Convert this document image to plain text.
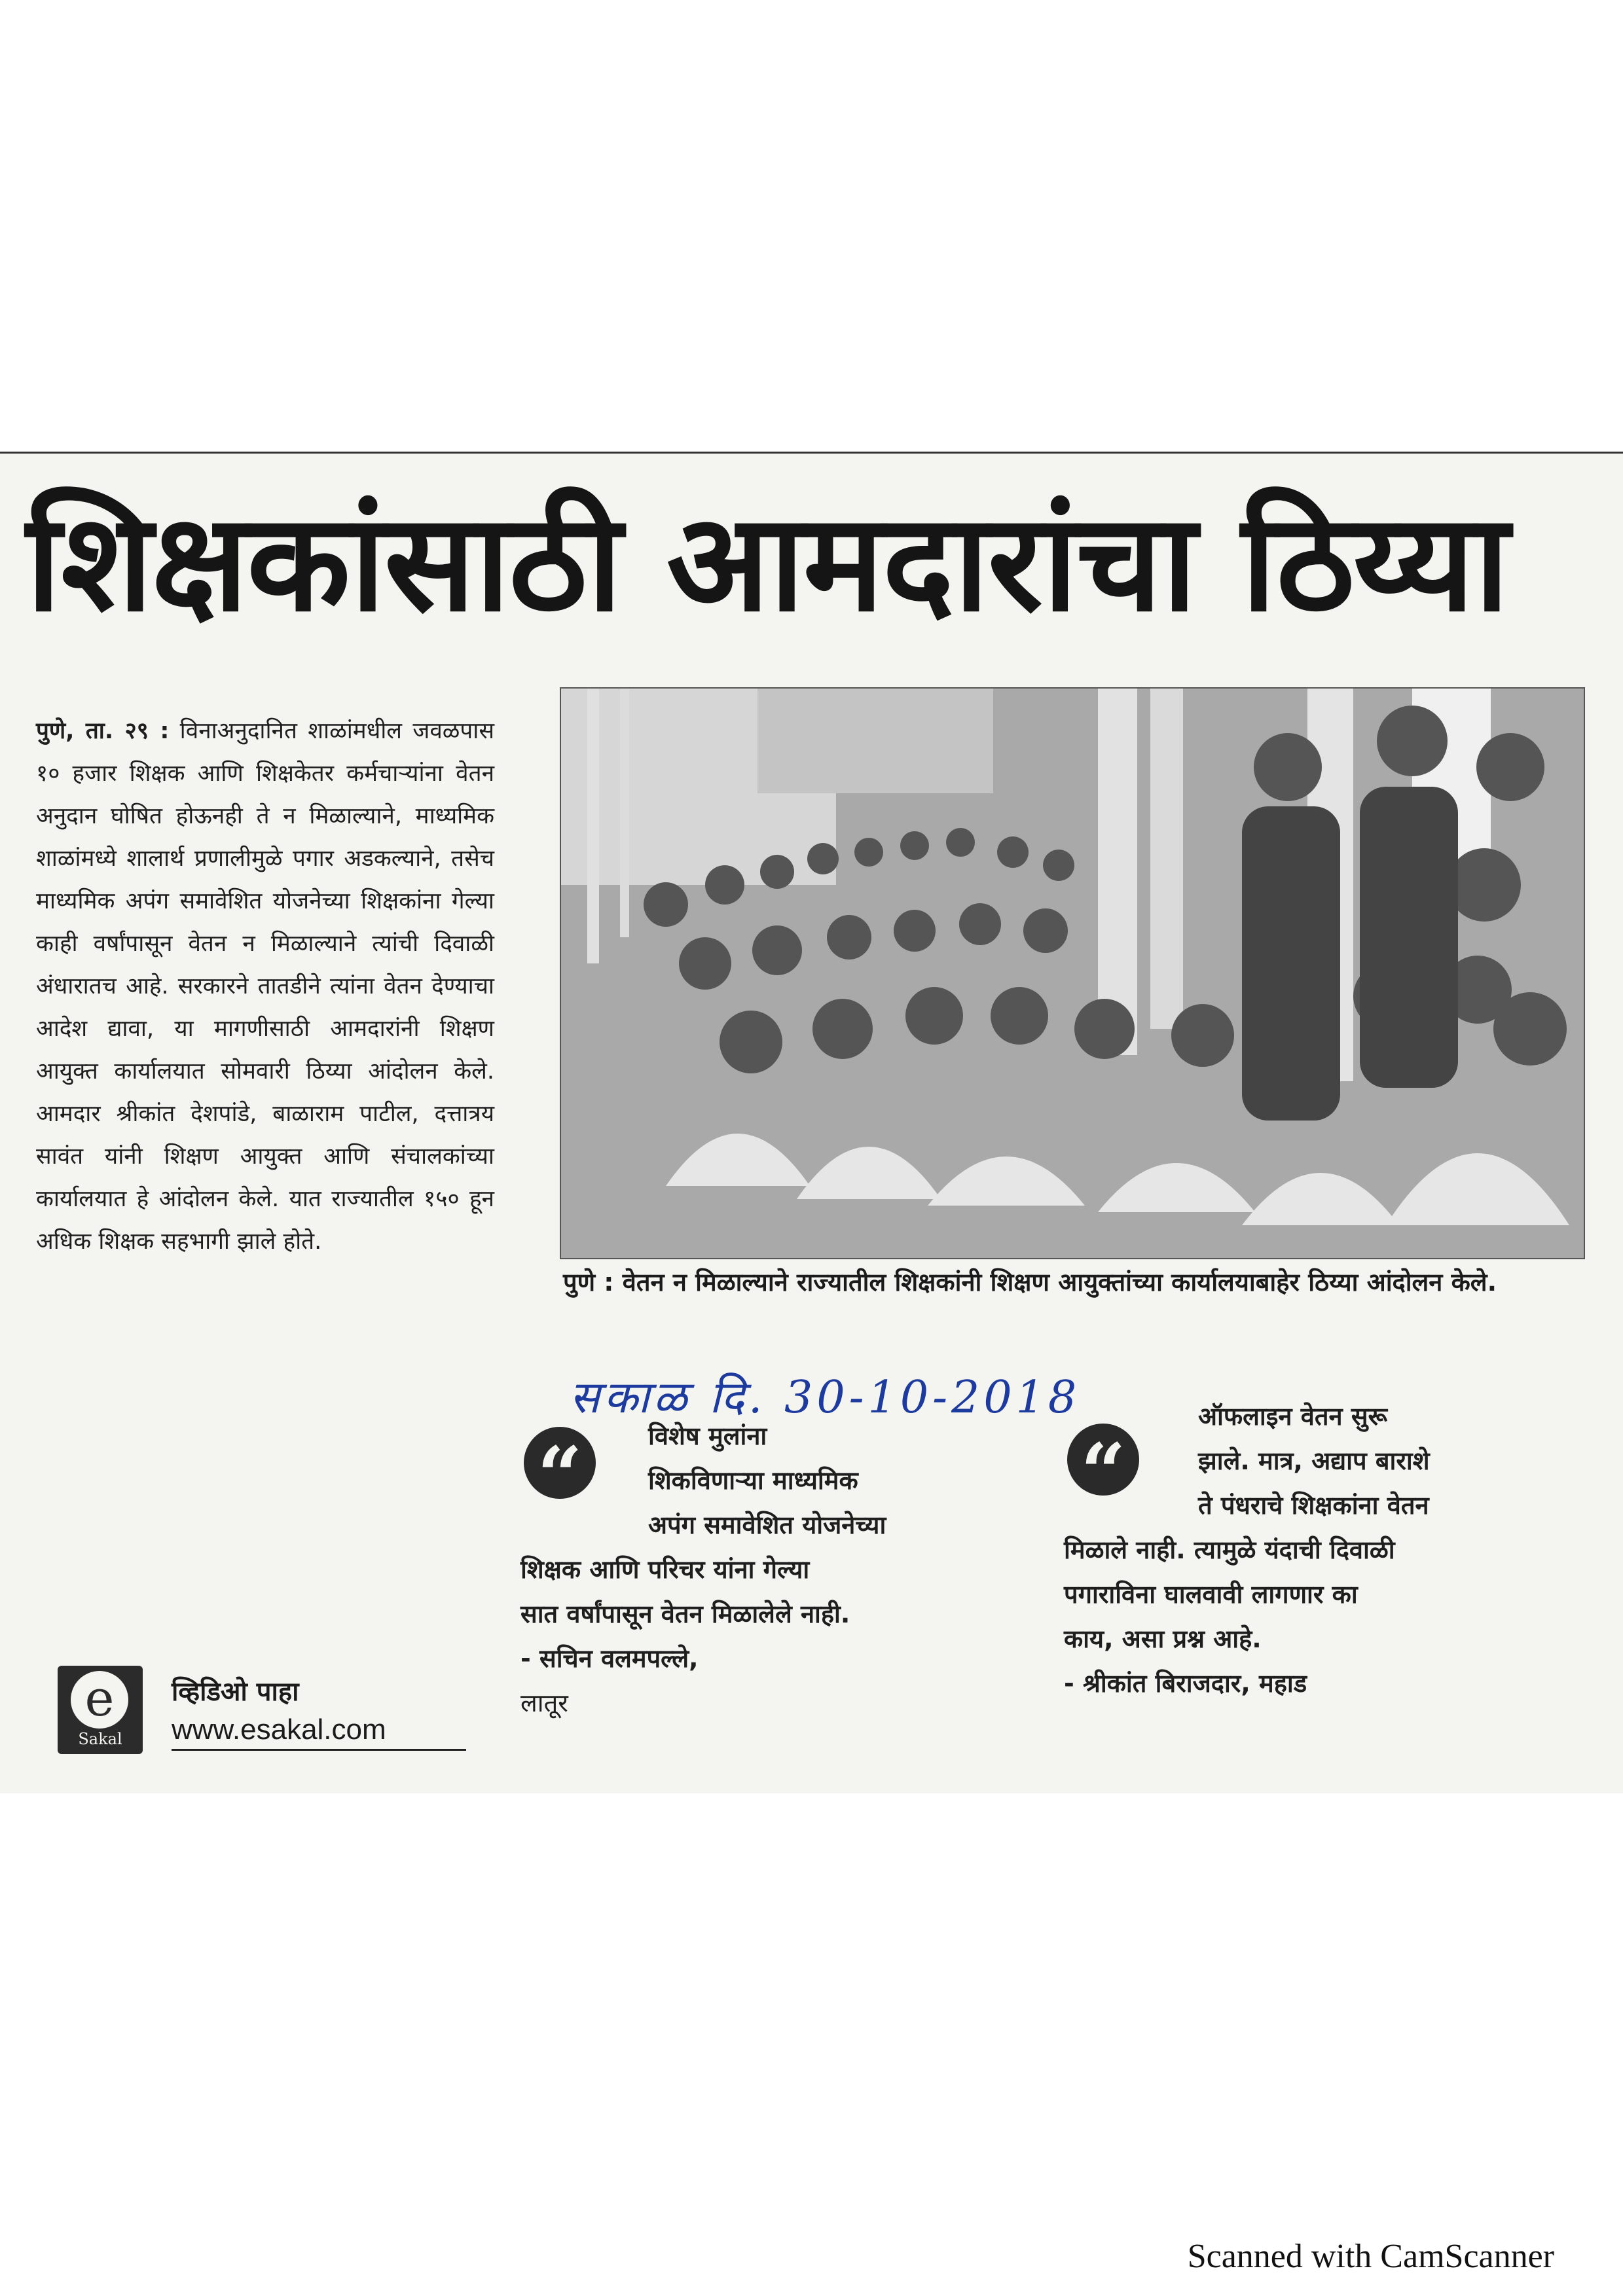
शिक्षकांसाठी आमदारांचा ठिय्या
पुणे, ता. २९ : विनाअनुदानित शाळांमधील जवळपास १० हजार शिक्षक आणि शिक्षकेतर कर्मचाऱ्यांना वेतन अनुदान घोषित होऊनही ते न मिळाल्याने, माध्यमिक शाळांमध्ये शालार्थ प्रणालीमुळे पगार अडकल्याने, तसेच माध्यमिक अपंग समावेशित योजनेच्या शिक्षकांना गेल्या काही वर्षांपासून वेतन न मिळाल्याने त्यांची दिवाळी अंधारातच आहे. सरकारने तातडीने त्यांना वेतन देण्याचा आदेश द्यावा, या मागणीसाठी आमदारांनी शिक्षण आयुक्त कार्यालयात सोमवारी ठिय्या आंदोलन केले. आमदार श्रीकांत देशपांडे, बाळाराम पाटील, दत्तात्रय सावंत यांनी शिक्षण आयुक्त आणि संचालकांच्या कार्यालयात हे आंदोलन केले. यात राज्यातील १५० हून अधिक शिक्षक सहभागी झाले होते.
पुणे : वेतन न मिळाल्याने राज्यातील शिक्षकांनी शिक्षण आयुक्तांच्या कार्यालयाबाहेर ठिय्या आंदोलन केले.
सकाळ दि. 30-10-2018
“	विशेष मुलांना
शिकविणाऱ्या माध्यमिक
अपंग समावेशित योजनेच्या
शिक्षक आणि परिचर यांना गेल्या
सात वर्षांपासून वेतन मिळालेले नाही.
- सचिन वलमपल्ले,
लातूर
“
ऑफलाइन वेतन सुरू
झाले. मात्र, अद्याप बाराशे
ते पंधराचे शिक्षकांना वेतन
मिळाले नाही. त्यामुळे यंदाची दिवाळी
पगाराविना घालवावी लागणार का
काय, असा प्रश्न आहे.
- श्रीकांत बिराजदार, महाड
e
Sakal
व्हिडिओ पाहा
www.esakal.com
Scanned with CamScanner
